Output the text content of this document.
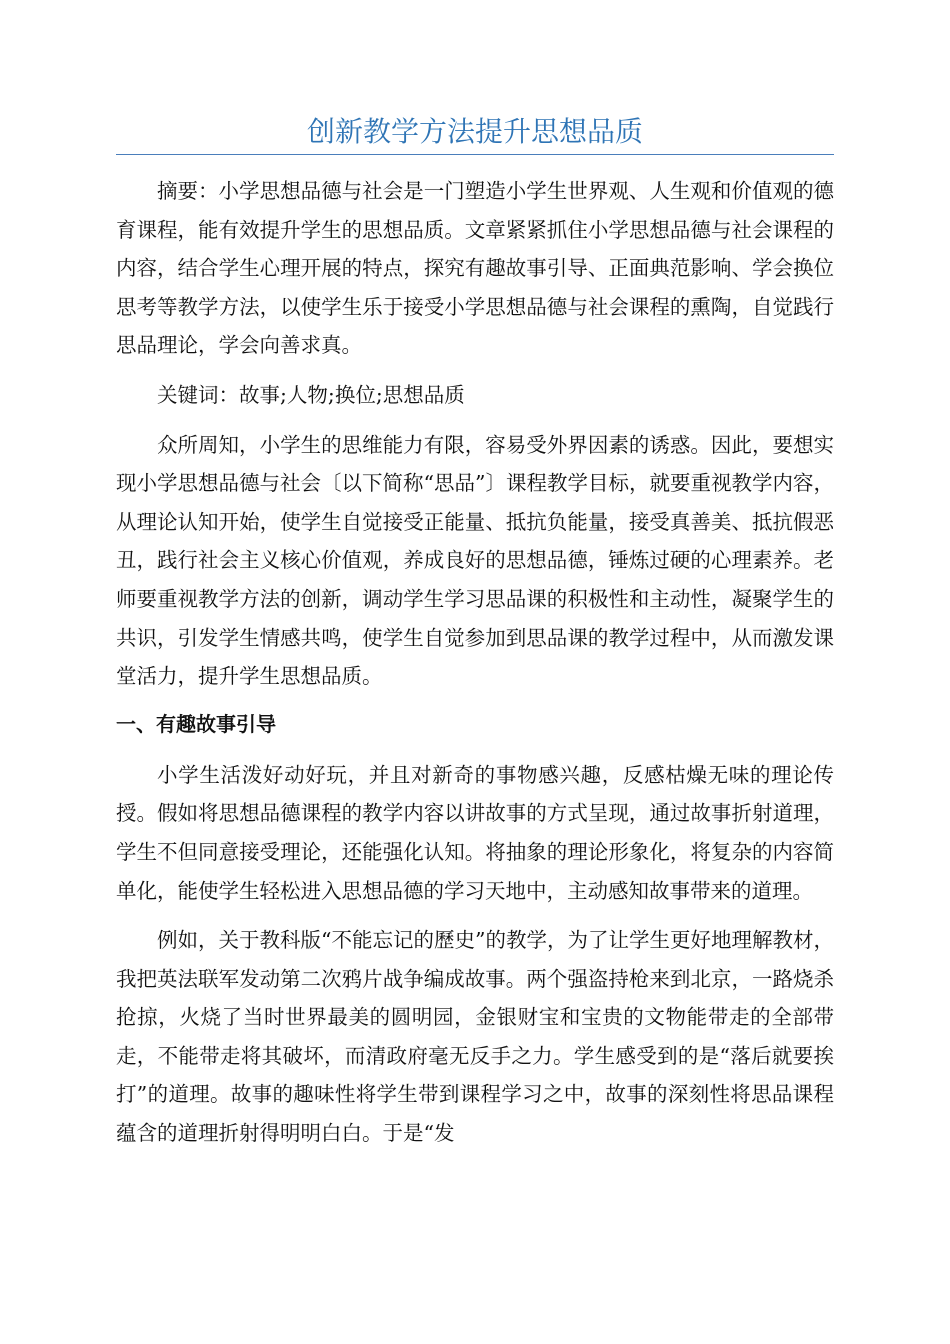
创新教学方法提升思想品质

摘要：小学思想品德与社会是一门塑造小学生世界观、人生观和价值观的德育课程，能有效提升学生的思想品质。文章紧紧抓住小学思想品德与社会课程的内容，结合学生心理开展的特点，探究有趣故事引导、正面典范影响、学会换位思考等教学方法，以使学生乐于接受小学思想品德与社会课程的熏陶，自觉践行思品理论，学会向善求真。

关键词：故事;人物;换位;思想品质

众所周知，小学生的思维能力有限，容易受外界因素的诱惑。因此，要想实现小学思想品德与社会〔以下简称“思品”〕课程教学目标，就要重视教学内容，从理论认知开始，使学生自觉接受正能量、抵抗负能量，接受真善美、抵抗假恶丑，践行社会主义核心价值观，养成良好的思想品德，锤炼过硬的心理素养。老师要重视教学方法的创新，调动学生学习思品课的积极性和主动性，凝聚学生的共识，引发学生情感共鸣，使学生自觉参加到思品课的教学过程中，从而激发课堂活力，提升学生思想品质。

一、有趣故事引导

小学生活泼好动好玩，并且对新奇的事物感兴趣，反感枯燥无味的理论传授。假如将思想品德课程的教学内容以讲故事的方式呈现，通过故事折射道理，学生不但同意接受理论，还能强化认知。将抽象的理论形象化，将复杂的内容简单化，能使学生轻松进入思想品德的学习天地中，主动感知故事带来的道理。

例如，关于教科版“不能忘记的歷史”的教学，为了让学生更好地理解教材，我把英法联军发动第二次鸦片战争编成故事。两个强盗持枪来到北京，一路烧杀抢掠，火烧了当时世界最美的圆明园，金银财宝和宝贵的文物能带走的全部带走，不能带走将其破坏，而清政府毫无反手之力。学生感受到的是“落后就要挨打”的道理。故事的趣味性将学生带到课程学习之中，故事的深刻性将思品课程蕴含的道理折射得明明白白。于是“发
